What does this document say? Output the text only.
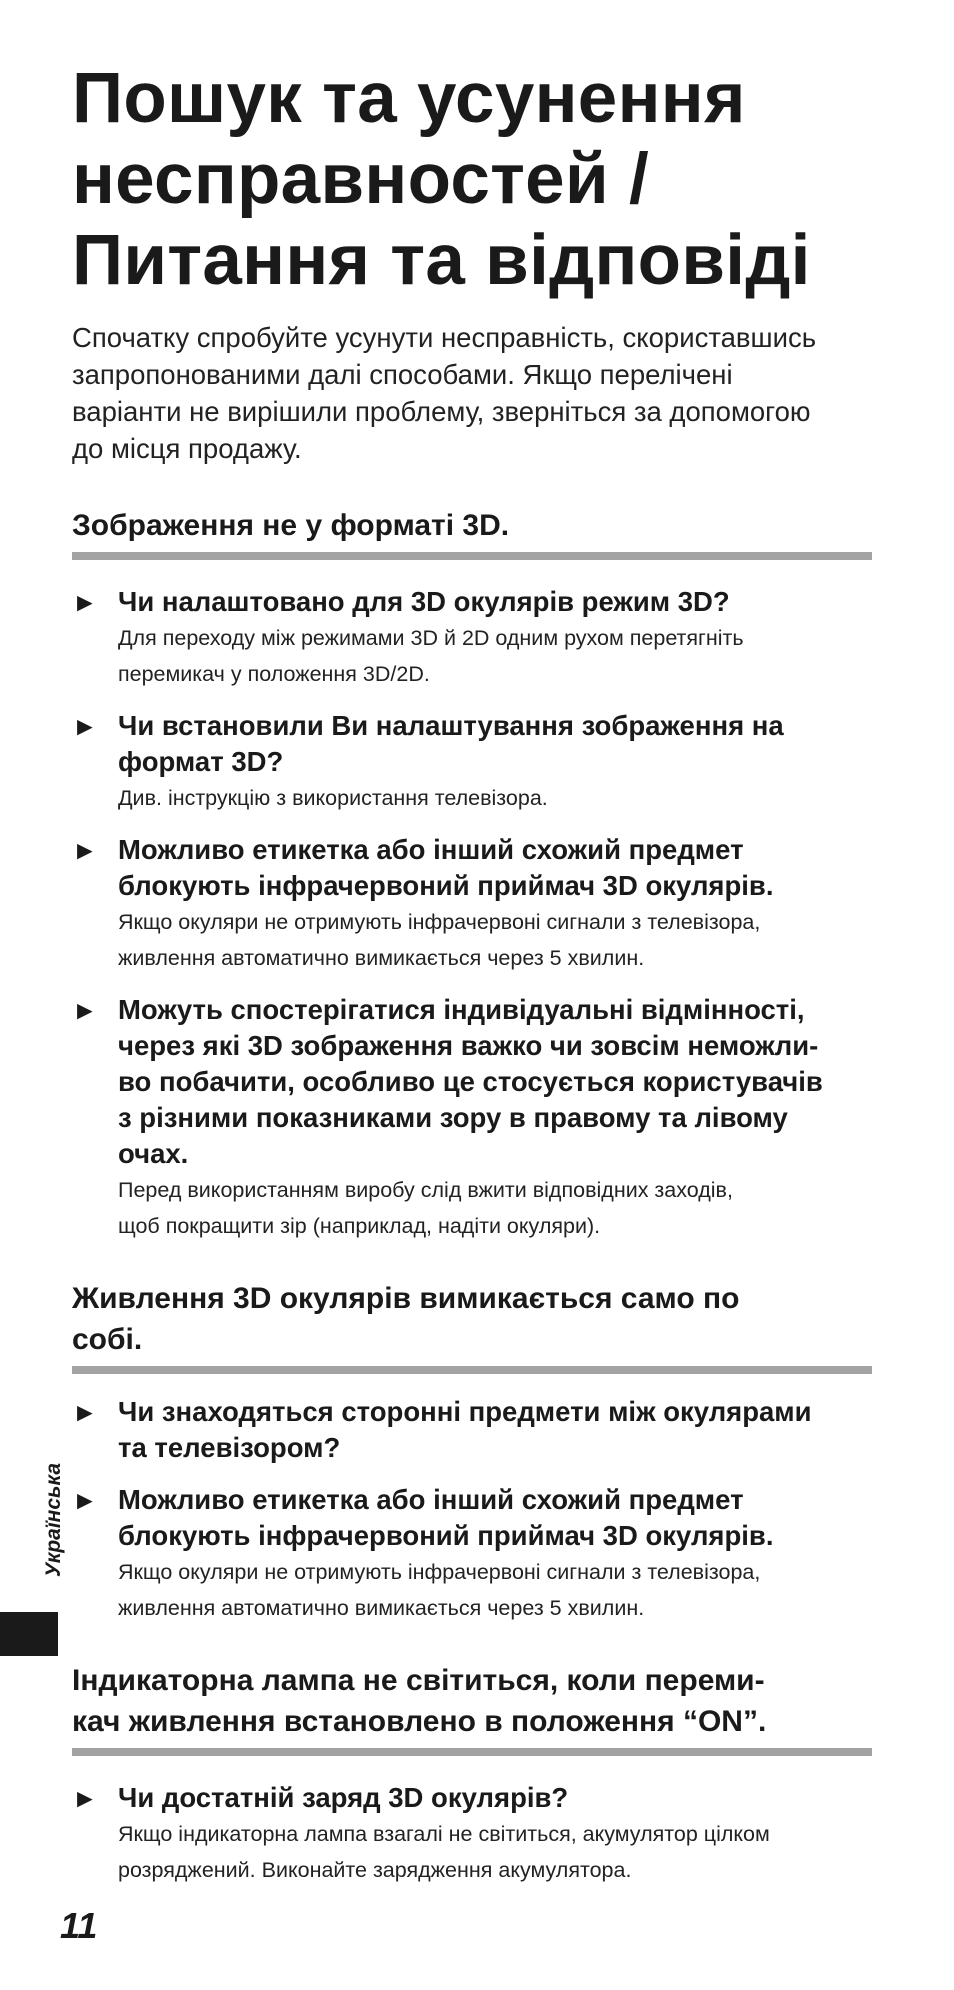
Пошук та усунення
несправностей /
Питання та відповіді
Спочатку спробуйте усунути несправність, скориставшись
запропонованими далі способами. Якщо перелічені
варіанти не вирішили проблему, зверніться за допомогою
до місця продажу.
Зображення не у форматі 3D.
► Чи налаштовано для 3D окулярів режим 3D?
Для переходу між режимами 3D й 2D одним рухом перетягніть
перемикач у положення 3D/2D.
► Чи встановили Ви налаштування зображення на
формат 3D?
Див. інструкцію з використання телевізора.
► Можливо етикетка або інший схожий предмет
блокують інфрачервоний приймач 3D окулярів.
Якщо окуляри не отримують інфрачервоні сигнали з телевізора,
живлення автоматично вимикається через 5 хвилин.
► Можуть спостерігатися індивідуальні відмінності,
через які 3D зображення важко чи зовсім неможли-
во побачити, особливо це стосується користувачів
з різними показниками зору в правому та лівому
очах.
Перед використанням виробу слід вжити відповідних заходів,
щоб покращити зір (наприклад, надіти окуляри).
Живлення 3D окулярів вимикається само по
собі.
► Чи знаходяться сторонні предмети між окулярами
та телевізором?
► Можливо етикетка або інший схожий предмет
блокують інфрачервоний приймач 3D окулярів.
Якщо окуляри не отримують інфрачервоні сигнали з телевізора,
живлення автоматично вимикається через 5 хвилин.
Індикаторна лампа не світиться, коли переми-
кач живлення встановлено в положення “ON”.
► Чи достатній заряд 3D окулярів?
Якщо індикаторна лампа взагалі не світиться, акумулятор цілком
розряджений. Виконайте зарядження акумулятора.
Українська
11
